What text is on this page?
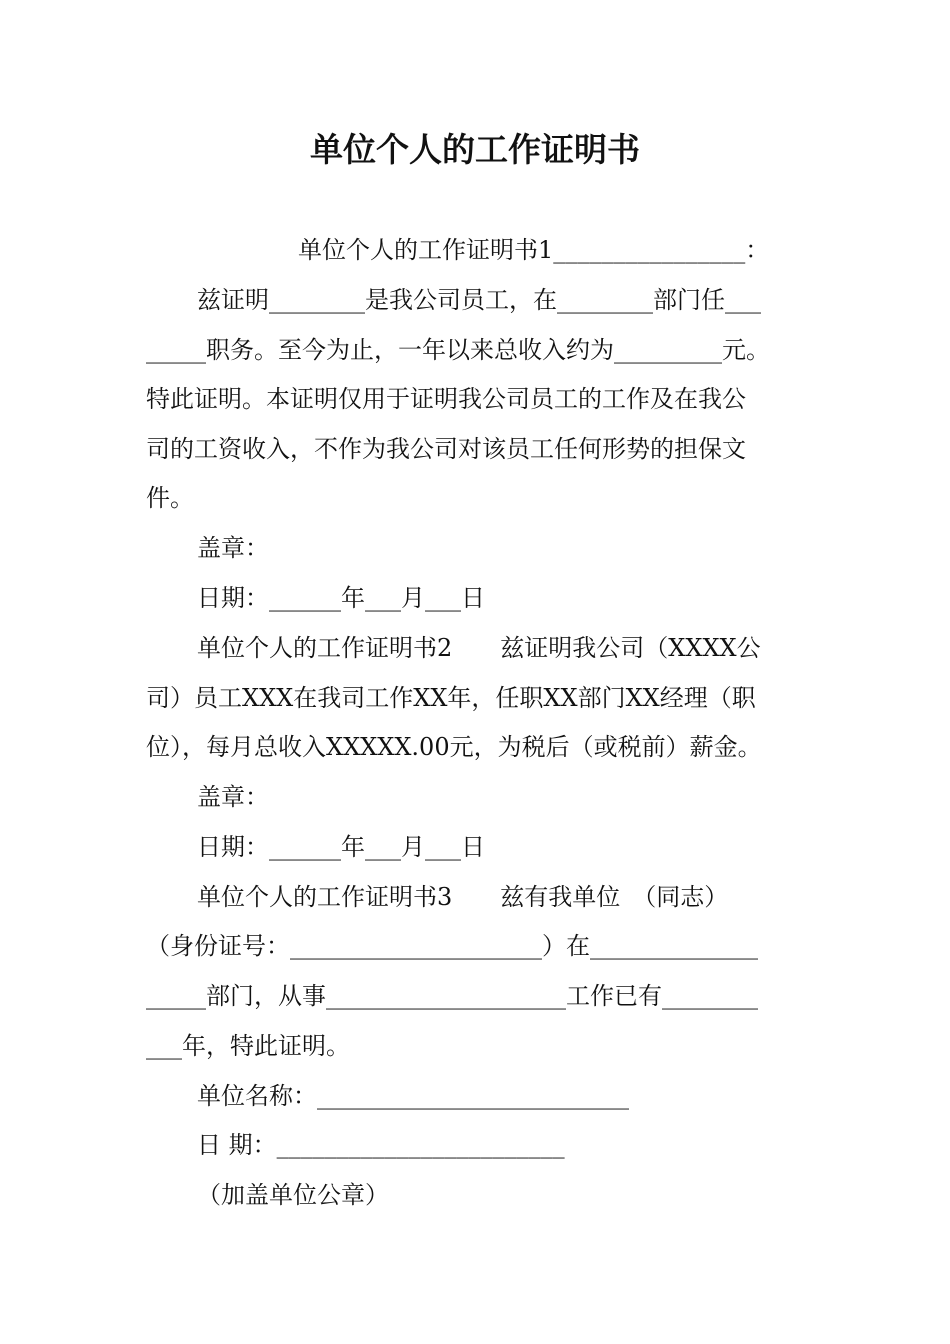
单位个人的工作证明书
单位个人的工作证明书1________________：
兹证明________是我公司员工，在________部门任___
_____职务。至今为止，一年以来总收入约为_________元。
特此证明。本证明仅用于证明我公司员工的工作及在我公
司的工资收入，不作为我公司对该员工任何形势的担保文
件。
盖章：
日期：______年___月___日
单位个人的工作证明书2　　兹证明我公司（XXXX公
司）员工XXX在我司工作XX年，任职XX部门XX经理（职
位），每月总收入XXXXX.00元，为税后（或税前）薪金。
盖章：
日期：______年___月___日
单位个人的工作证明书3　　兹有我单位　（同志）
（身份证号：_____________________）在______________
_____部门，从事____________________工作已有________
___年，特此证明。
单位名称：__________________________
日 期：________________________
（加盖单位公章）
